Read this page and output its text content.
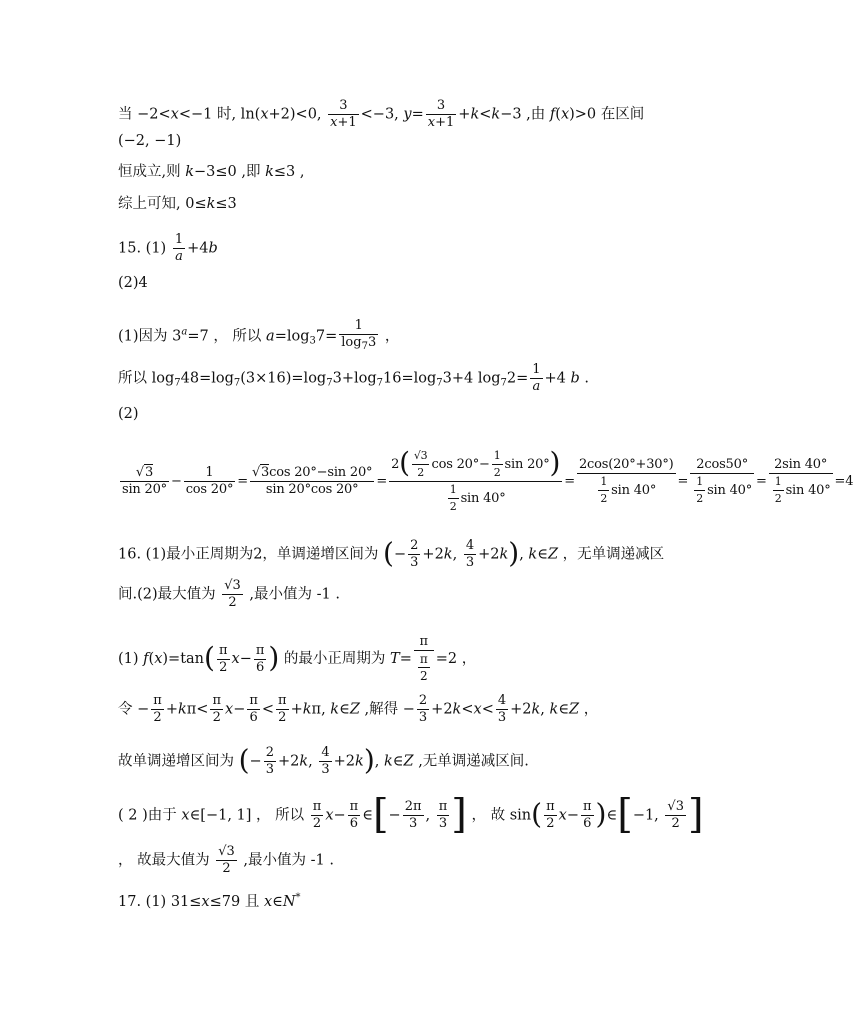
当 −2<x<−1 时, ln(x+2)<0, $\frac{3}{x+1} <-3$, $y= \frac{3}{x+1} +k<k-3$ ,由 f(x)>0 在区间
(−2, −1)
恒成立,则 k−3≤0 ,即 k≤3 ,
综上可知, 0≤k≤3
15. $(1) \frac{1}{a} +4b$
(2)4
(1)因为 $3^a=7$ ， 所以 $a=\log_37= \frac{1}{\log_73}$ ，
所以 $\log_748=\log_7(3\times 16)=\log_73+\log_716=\log_73+4$ $\log_72= \frac{1}{a} +4$ b .
(2)
$\frac{√3}{\sin 20^\circ} - \frac{1}{\cos 20^\circ} = \frac{√3\cos 20^\circ-\sin 20^\circ}{\sin 20^\circ\cos 20^\circ} = \frac{2( \frac{√3}{2} \cos 20^\circ- \frac{1}{2} \sin 20^\circ)}{\frac{1}{2} \sin 40^\circ} = \frac{2\cos(20^\circ+30^\circ)}{\frac{1}{2} \sin 40^\circ} = \frac{2\cos 50^\circ}{\frac{1}{2} \sin 40^\circ} = \frac{2\sin 40^\circ}{\frac{1}{2} \sin 40^\circ} =4$
16. (1)最小正周期为2，单调递增区间为 (− $\frac{2}{3} +2k$, $\frac{4}{3} +2k$), k∈Z ，无单调递减区
间.(2)最大值为 $\frac{√3}{2}$ ,最小值为 -1 .
(1) $f(x)=\tan( \frac{\pi}{2} x- \frac{\pi}{6}$ ) 的最小正周期为 $T= \frac{\pi}{\frac{\pi}{2}} =2$ ，
令 − $\frac{\pi}{2} +k\pi< \frac{\pi}{2} x- \frac{\pi}{6} < \frac{\pi}{2} +k\pi$, k∈Z ,解得 − $\frac{2}{3} +2k<x< \frac{4}{3} +2k$, k∈Z ，
故单调递增区间为 (− $\frac{2}{3} +2k$, $\frac{4}{3} +2k$), k∈Z ,无单调递减区间.
( 2 )由于 x∈[−1, 1] ， 所以 $\frac{\pi}{2} x- \frac{\pi}{6}$ ∈[− $\frac{2\pi}{3}$ , $\frac{\pi}{3}$ ] ， 故 $\sin( \frac{\pi}{2} x- \frac{\pi}{6}$ )∈[−1, $\frac{√3}{2}$ ]
， 故最大值为 $\frac{√3}{2}$ ,最小值为 -1 .
17. (1) 31≤x≤79 且 x∈N*
